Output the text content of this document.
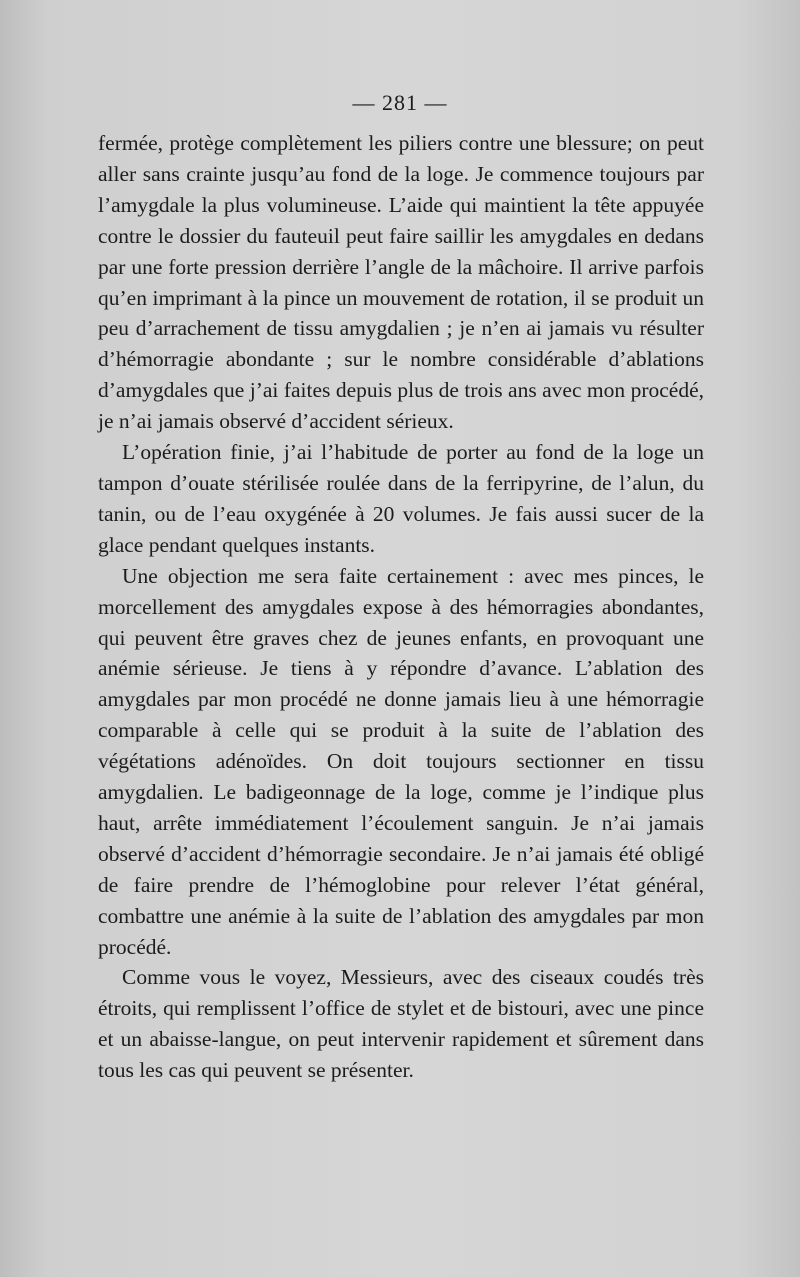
— 281 —

fermée, protège complètement les piliers contre une blessure; on peut aller sans crainte jusqu’au fond de la loge. Je commence toujours par l’amygdale la plus volumineuse. L’aide qui maintient la tête appuyée contre le dossier du fauteuil peut faire saillir les amygdales en dedans par une forte pression derrière l’angle de la mâchoire. Il arrive parfois qu’en imprimant à la pince un mouvement de rotation, il se produit un peu d’arrachement de tissu amygdalien ; je n’en ai jamais vu résulter d’hémorragie abondante ; sur le nombre considérable d’ablations d’amygdales que j’ai faites depuis plus de trois ans avec mon procédé, je n’ai jamais observé d’accident sérieux.

L’opération finie, j’ai l’habitude de porter au fond de la loge un tampon d’ouate stérilisée roulée dans de la ferripyrine, de l’alun, du tanin, ou de l’eau oxygénée à 20 volumes. Je fais aussi sucer de la glace pendant quelques instants.

Une objection me sera faite certainement : avec mes pinces, le morcellement des amygdales expose à des hémorragies abondantes, qui peuvent être graves chez de jeunes enfants, en provoquant une anémie sérieuse. Je tiens à y répondre d’avance. L’ablation des amygdales par mon procédé ne donne jamais lieu à une hémorragie comparable à celle qui se produit à la suite de l’ablation des végétations adénoïdes. On doit toujours sectionner en tissu amygdalien. Le badigeonnage de la loge, comme je l’indique plus haut, arrête immédiatement l’écoulement sanguin. Je n’ai jamais observé d’accident d’hémorragie secondaire. Je n’ai jamais été obligé de faire prendre de l’hémoglobine pour relever l’état général, combattre une anémie à la suite de l’ablation des amygdales par mon procédé.

Comme vous le voyez, Messieurs, avec des ciseaux coudés très étroits, qui remplissent l’office de stylet et de bistouri, avec une pince et un abaisse-langue, on peut intervenir rapidement et sûrement dans tous les cas qui peuvent se présenter.
